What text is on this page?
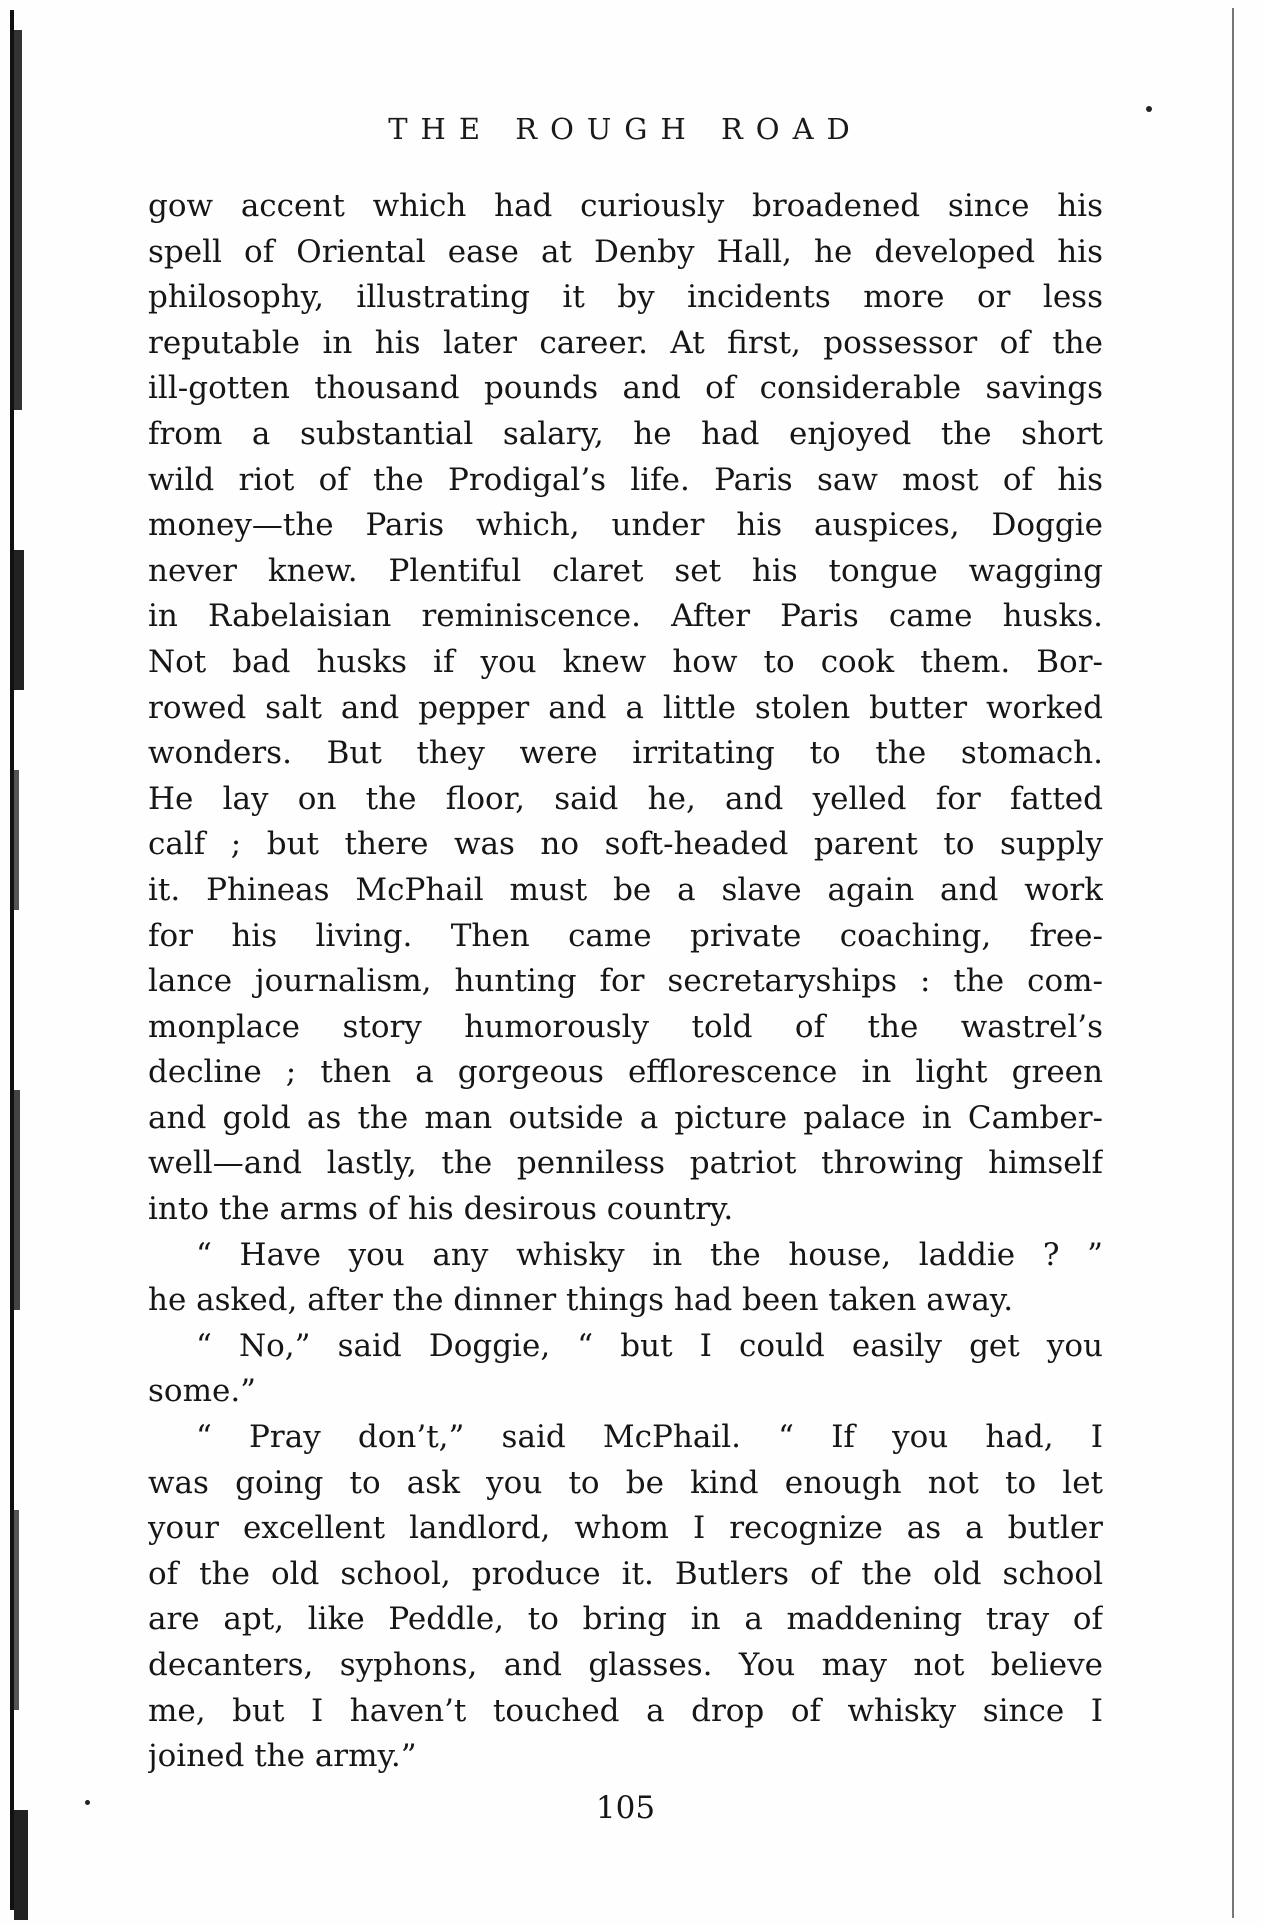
THE ROUGH ROAD
gow accent which had curiously broadened since his
spell of Oriental ease at Denby Hall, he developed his
philosophy, illustrating it by incidents more or less
reputable in his later career. At first, possessor of the
ill-gotten thousand pounds and of considerable savings
from a substantial salary, he had enjoyed the short
wild riot of the Prodigal’s life. Paris saw most of his
money—the Paris which, under his auspices, Doggie
never knew. Plentiful claret set his tongue wagging
in Rabelaisian reminiscence. After Paris came husks.
Not bad husks if you knew how to cook them. Bor-
rowed salt and pepper and a little stolen butter worked
wonders. But they were irritating to the stomach.
He lay on the floor, said he, and yelled for fatted
calf ; but there was no soft-headed parent to supply
it. Phineas McPhail must be a slave again and work
for his living. Then came private coaching, free-
lance journalism, hunting for secretaryships : the com-
monplace story humorously told of the wastrel’s
decline ; then a gorgeous efflorescence in light green
and gold as the man outside a picture palace in Camber-
well—and lastly, the penniless patriot throwing himself
into the arms of his desirous country.
“ Have you any whisky in the house, laddie ? ”
he asked, after the dinner things had been taken away.
“ No,” said Doggie, “ but I could easily get you
some.”
“ Pray don’t,” said McPhail. “ If you had, I
was going to ask you to be kind enough not to let
your excellent landlord, whom I recognize as a butler
of the old school, produce it. Butlers of the old school
are apt, like Peddle, to bring in a maddening tray of
decanters, syphons, and glasses. You may not believe
me, but I haven’t touched a drop of whisky since I
joined the army.”
105
